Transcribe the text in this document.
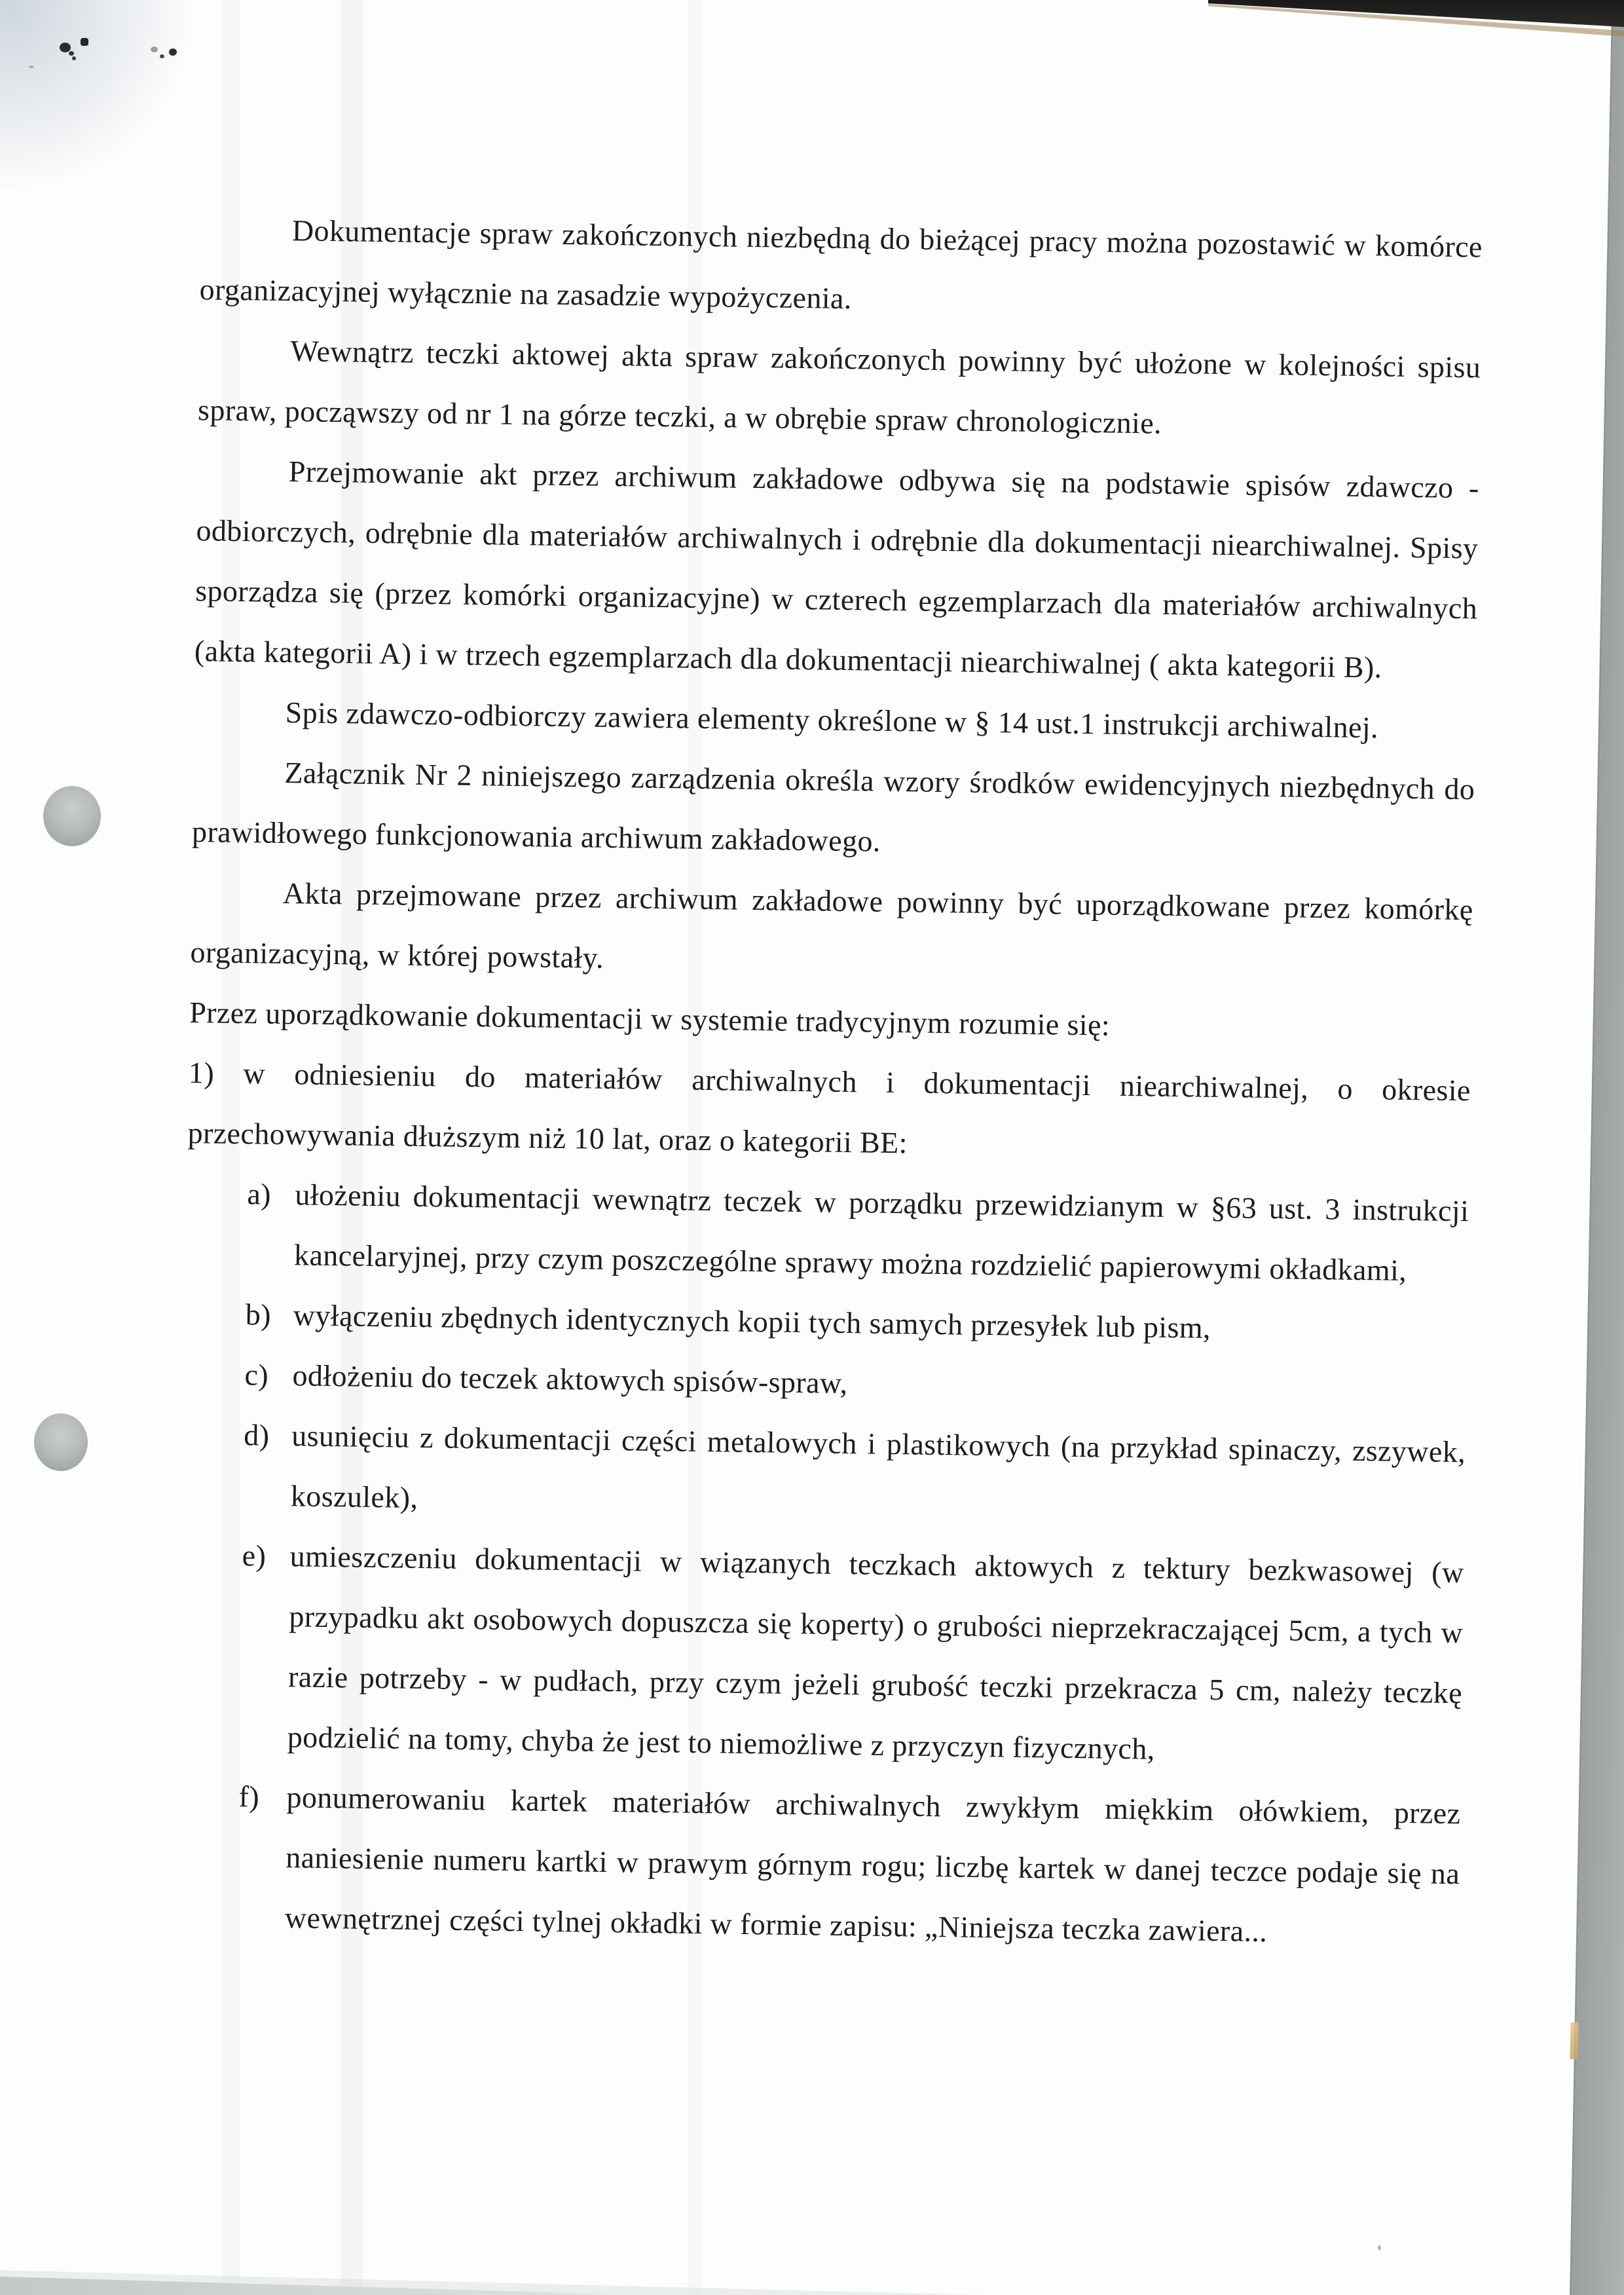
Dokumentacje spraw zakończonych niezbędną do bieżącej pracy można pozostawić w komórce organizacyjnej wyłącznie na zasadzie wypożyczenia.

Wewnątrz teczki aktowej akta spraw zakończonych powinny być ułożone w kolejności spisu spraw, począwszy od nr 1 na górze teczki, a w obrębie spraw chronologicznie.

Przejmowanie akt przez archiwum zakładowe odbywa się na podstawie spisów zdawczo - odbiorczych, odrębnie dla materiałów archiwalnych i odrębnie dla dokumentacji niearchiwalnej. Spisy sporządza się (przez komórki organizacyjne) w czterech egzemplarzach dla materiałów archiwalnych (akta kategorii A) i w trzech egzemplarzach dla dokumentacji niearchiwalnej ( akta kategorii B).

Spis zdawczo-odbiorczy zawiera elementy określone w § 14 ust.1 instrukcji archiwalnej.

Załącznik Nr 2 niniejszego zarządzenia określa wzory środków ewidencyjnych niezbędnych do prawidłowego funkcjonowania archiwum zakładowego.

Akta przejmowane przez archiwum zakładowe powinny być uporządkowane przez komórkę organizacyjną, w której powstały.

Przez uporządkowanie dokumentacji w systemie tradycyjnym rozumie się:

1) w odniesieniu do materiałów archiwalnych i dokumentacji niearchiwalnej, o okresie przechowywania dłuższym niż 10 lat, oraz o kategorii BE:

a) ułożeniu dokumentacji wewnątrz teczek w porządku przewidzianym w §63 ust. 3 instrukcji kancelaryjnej, przy czym poszczególne sprawy można rozdzielić papierowymi okładkami,
b) wyłączeniu zbędnych identycznych kopii tych samych przesyłek lub pism,
c) odłożeniu do teczek aktowych spisów-spraw,
d) usunięciu z dokumentacji części metalowych i plastikowych (na przykład spinaczy, zszywek, koszulek),
e) umieszczeniu dokumentacji w wiązanych teczkach aktowych z tektury bezkwasowej (w przypadku akt osobowych dopuszcza się koperty) o grubości nieprzekraczającej 5cm, a tych w razie potrzeby - w pudłach, przy czym jeżeli grubość teczki przekracza 5 cm, należy teczkę podzielić na tomy, chyba że jest to niemożliwe z przyczyn fizycznych,
f) ponumerowaniu kartek materiałów archiwalnych zwykłym miękkim ołówkiem, przez naniesienie numeru kartki w prawym górnym rogu; liczbę kartek w danej teczce podaje się na wewnętrznej części tylnej okładki w formie zapisu: „Niniejsza teczka zawiera...
